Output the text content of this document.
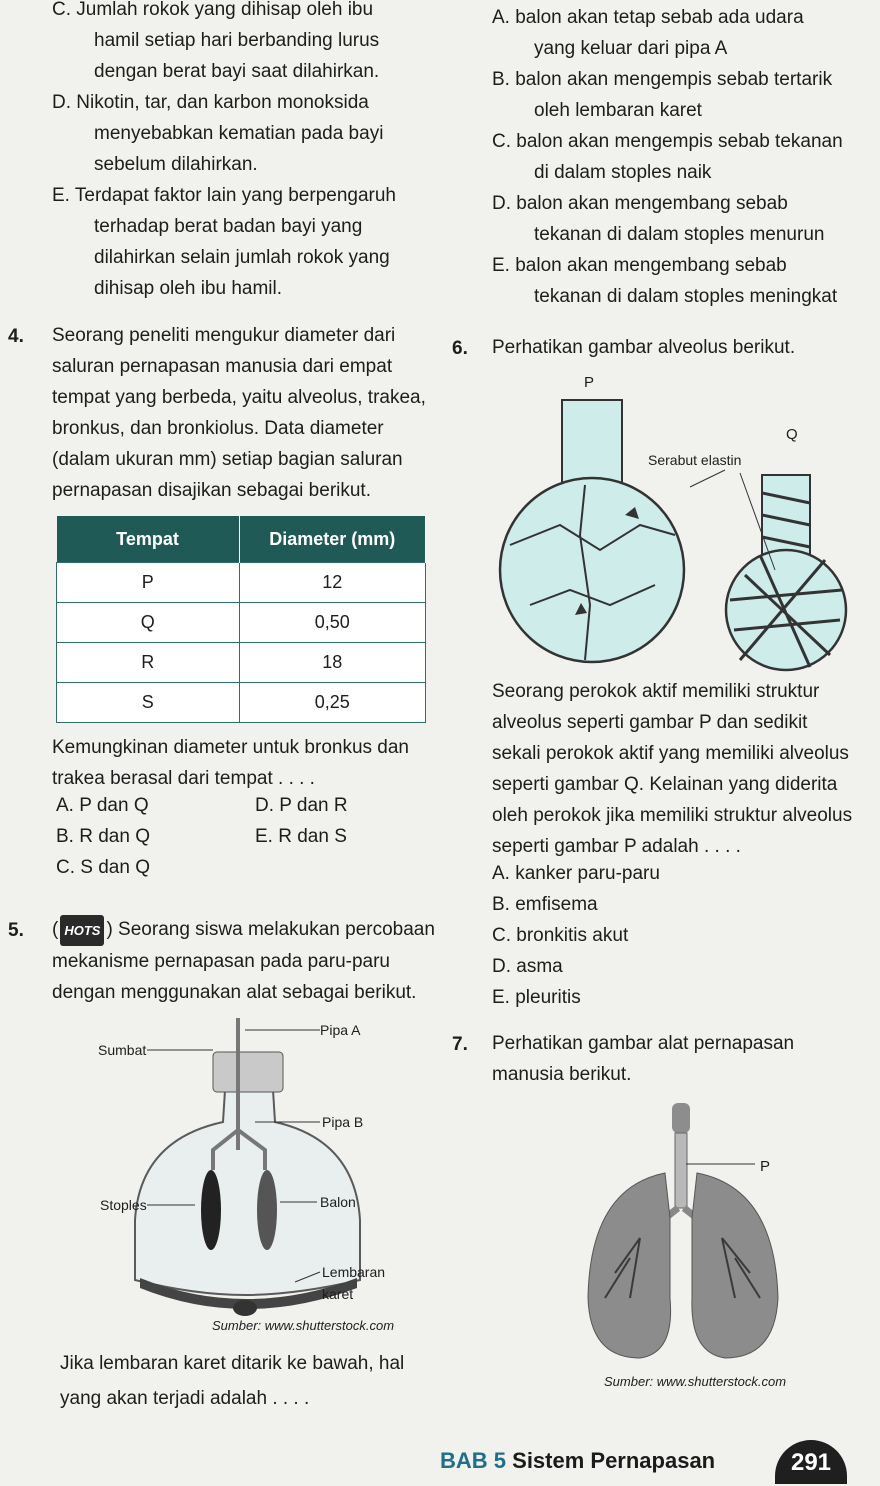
C. Jumlah rokok yang dihisap oleh ibu
hamil setiap hari berbanding lurus
dengan berat bayi saat dilahirkan.
D. Nikotin, tar, dan karbon monoksida
menyebabkan kematian pada bayi
sebelum dilahirkan.
E. Terdapat faktor lain yang berpengaruh
terhadap berat badan bayi yang
dilahirkan selain jumlah rokok yang
dihisap oleh ibu hamil.
A. balon akan tetap sebab ada udara
yang keluar dari pipa A
B. balon akan mengempis sebab tertarik
oleh lembaran karet
C. balon akan mengempis sebab tekanan
di dalam stoples naik
D. balon akan mengembang sebab
tekanan di dalam stoples menurun
E. balon akan mengembang sebab
tekanan di dalam stoples meningkat
4. Seorang peneliti mengukur diameter dari
saluran pernapasan manusia dari empat
tempat yang berbeda, yaitu alveolus, trakea,
bronkus, dan bronkiolus. Data diameter
(dalam ukuran mm) setiap bagian saluran
pernapasan disajikan sebagai berikut.
Tempat	Diameter (mm)
P	12
Q	0,50
R	18
S	0,25
Kemungkinan diameter untuk bronkus dan
trakea berasal dari tempat . . . .
A. P dan Q
B. R dan Q
C. S dan Q
D. P dan R
E. R dan S
5. ( HOTS ) Seorang siswa melakukan percobaan
mekanisme pernapasan pada paru-paru
dengan menggunakan alat sebagai berikut.
Pipa A
Sumbat
Pipa B
Stoples	Balon
Lembaran
karet
Sumber: www.shutterstock.com
Jika lembaran karet ditarik ke bawah, hal
yang akan terjadi adalah . . . .
6. Perhatikan gambar alveolus berikut.
P
Q
Serabut elastin
Seorang perokok aktif memiliki struktur
alveolus seperti gambar P dan sedikit
sekali perokok aktif yang memiliki alveolus
seperti gambar Q. Kelainan yang diderita
oleh perokok jika memiliki struktur alveolus
seperti gambar P adalah . . . .
A. kanker paru-paru
B. emfisema
C. bronkitis akut
D. asma
E. pleuritis
7. Perhatikan gambar alat pernapasan
manusia berikut.
P
Sumber: www.shutterstock.com
BAB 5 Sistem Pernapasan	291
